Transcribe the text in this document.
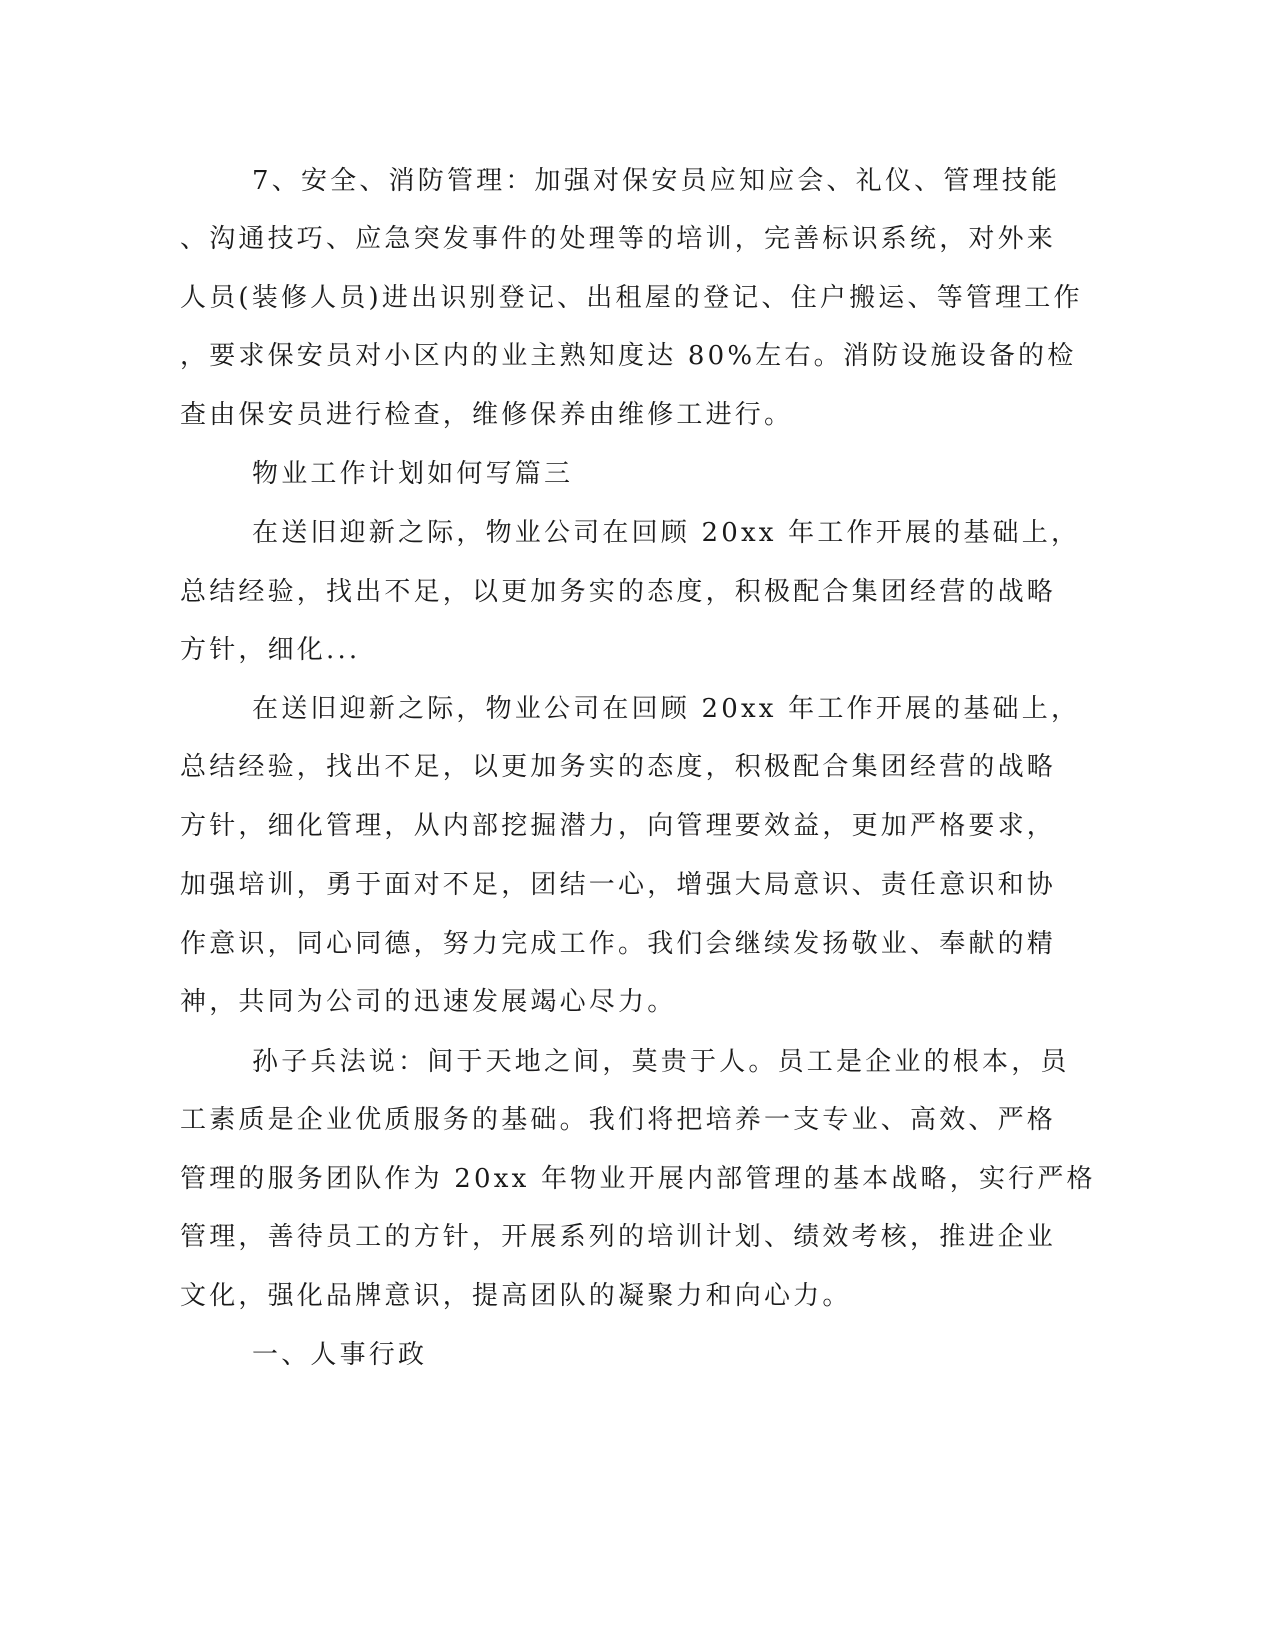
7、安全、消防管理：加强对保安员应知应会、礼仪、管理技能
、沟通技巧、应急突发事件的处理等的培训，完善标识系统，对外来
人员(装修人员)进出识别登记、出租屋的登记、住户搬运、等管理工作
，要求保安员对小区内的业主熟知度达 80%左右。消防设施设备的检
查由保安员进行检查，维修保养由维修工进行。
物业工作计划如何写篇三
在送旧迎新之际，物业公司在回顾 20xx 年工作开展的基础上，
总结经验，找出不足，以更加务实的态度，积极配合集团经营的战略
方针，细化...
在送旧迎新之际，物业公司在回顾 20xx 年工作开展的基础上，
总结经验，找出不足，以更加务实的态度，积极配合集团经营的战略
方针，细化管理，从内部挖掘潜力，向管理要效益，更加严格要求，
加强培训，勇于面对不足，团结一心，增强大局意识、责任意识和协
作意识，同心同德，努力完成工作。我们会继续发扬敬业、奉献的精
神，共同为公司的迅速发展竭心尽力。
孙子兵法说：间于天地之间，莫贵于人。员工是企业的根本，员
工素质是企业优质服务的基础。我们将把培养一支专业、高效、严格
管理的服务团队作为 20xx 年物业开展内部管理的基本战略，实行严格
管理，善待员工的方针，开展系列的培训计划、绩效考核，推进企业
文化，强化品牌意识，提高团队的凝聚力和向心力。
一、人事行政
